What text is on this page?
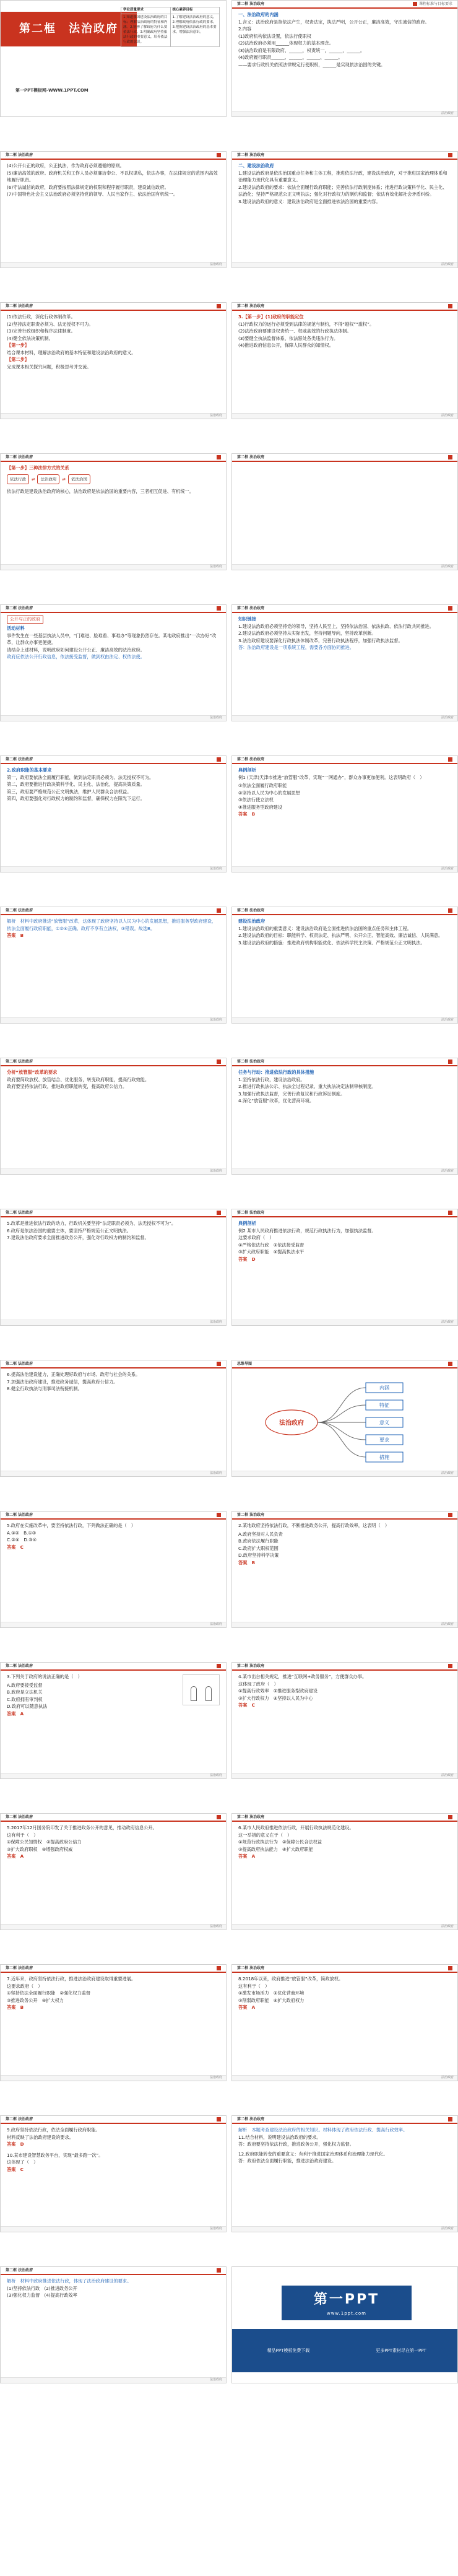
第二框　法治政府
第一PPT模板网-WWW.1PPT.COM
学业质量要求	核心素养目标
1.知道我国建设法治政府的目标；理解法治政府的特征和内涵。2.能够了解政府为什么要依法行政。3.明确政府坚持依法行政的重要意义，培养依法行政的意识。
1.了解建设法治政府的意义。2.理解政府依法行政的要求。3.把握建设法治政府的基本要求，增强法治意识。
第二框 法治政府	课程标准与目标要求

一、法治政府的内涵

1.含义：法治政府是指依法产生，权责法定，执法严明，公开公正，廉洁高效，守法诚信的政府。

2.内容

(1)政府机构依法设置，依法行使职权

(2)法治政府必须用______体现权力的基本理念。

(3)法治政府是有限政府、______，权责统一，______，______。

(4)政府履行职责______、______、______、______。

——要求行政机关依照法律规定行使职权，______是实现依法治国的关键。

法治政府
第二框 法治政府

(4)公开公正的政府，公正执法，作为政府必须遵循的原则。

(5)廉洁高效的政府。政府机关和工作人员必须廉洁奉公、不以权谋私，依法办事，在法律规定的范围内高效地履行职责。

(6)守法诚信的政府，政府要按照法律规定的权限和程序履行职责，建设诚信政府。

(7)中国特色社会主义法治政府必须坚持党的领导、人民当家作主、依法治国有机统一。

法治政府
第二框 法治政府

二、建设法治政府

1.建设法治政府是依法治国重点任务和主体工程，推进依法行政，建设法治政府，对于推进国家治理体系和治理能力现代化具有重要意义。

2.建设法治政府的要求：依法全面履行政府职能；完善依法行政制度体系；推进行政决策科学化、民主化、法治化；坚持严格规范公正文明执法；强化对行政权力的制约和监督；依法有效化解社会矛盾纠纷。

3.建设法治政府的意义：建设法治政府是全面推进依法治国的重要内容。

法治政府
第二框 法治政府

(1)依法行政，深化行政体制改革。

(2)坚持法定职责必须为、法无授权不可为。

(3)完善行政组织和程序法律制度。

(4)健全依法决策机制。

【第一步】

结合课本材料，理解法治政府的基本特征和建设法治政府的意义。

【第二步】

完成课本相关探究问题，积极思考并交流。

法治政府
第二框 法治政府

3.【第一步】(1)政府的职能定位

(1)行政权力的运行必须受到法律的规范与制约，不得“越权”“滥权”。

(2)法治政府要建设权责统一、权威高效的行政执法体制。

(3)要健全执法监督体系，依法惩处各类违法行为。

(4)推进政府信息公开，保障人民群众的知情权。

法治政府
第二框 法治政府

【第一步】三种法律方式的关系

依法行政	⇄	法治政府	⇄	依法治国

依法行政是建设法治政府的核心，法治政府是依法治国的重要内容，三者相互促进、有机统一。

法治政府
第二框 法治政府
法治政府
第二框 法治政府
公开与正的政府

活动材料

事件发生在一些基层执法人员中，“门难进、脸难看、事难办”等现象仍然存在。某地政府推出“一次办好”改革，让群众办事更便捷。

请结合上述材料，说明政府如何建设公开公正、廉洁高效的法治政府。

政府应依法公开行政信息，依法接受监督，做到权由法定、权依法使。

法治政府
第二框 法治政府

知识链接

1.建设法治政府必须坚持党的领导，坚持人民至上，坚持依法治国、依法执政、依法行政共同推进。

2.建设法治政府必须坚持从实际出发，坚持问题导向，坚持改革创新。

3.法治政府建设要深化行政执法体制改革，完善行政执法程序，加强行政执法监督。

答：法治政府建设是一项系统工程，需要各方面协同推进。

法治政府
第二框 法治政府

2.政府职能的基本要求

第一，政府要依法全面履行职能，做到法定职责必须为、法无授权不可为。

第二，政府要推进行政决策科学化、民主化、法治化，提高决策质量。

第三，政府要严格规范公正文明执法，维护人民群众合法权益。

第四，政府要强化对行政权力的制约和监督，确保权力在阳光下运行。

法治政府
第二框 法治政府

典例剖析

例1 (天津)天津市推进“放管服”改革，实现“一网通办”，群众办事更加便利。这表明政府（　）

①依法全面履行政府职能
②坚持以人民为中心的发展思想
③依法行使立法权
④推进服务型政府建设

答案　B

法治政府
第二框 法治政府

解析　材料中政府推进“放管服”改革，这体现了政府坚持以人民为中心的发展思想，推进服务型政府建设，依法全面履行政府职能，①②④正确。政府不享有立法权，③错误。故选B。

答案　B

法治政府
第二框 法治政府

建设法治政府

1.建设法治政府的重要意义：建设法治政府是全面推进依法治国的重点任务和主体工程。

2.建设法治政府的目标：职能科学、权责法定、执法严明、公开公正、智能高效、廉洁诚信、人民满意。

3.建设法治政府的措施：推进政府机构职能优化、依法科学民主决策、严格规范公正文明执法。

法治政府
第二框 法治政府

分析“放管服”改革的要求

政府要简政放权、放管结合、优化服务，转变政府职能，提高行政效能。

政府要坚持依法行政，推进政府职能转变，提高政府公信力。

法治政府
第二框 法治政府

任务与行动：推进依法行政的具体措施

1.坚持依法行政，建设法治政府。

2.推进行政执法公示、执法全过程记录、重大执法决定法制审核制度。

3.加强行政执法监督，完善行政复议和行政诉讼制度。

4.深化“放管服”改革，优化营商环境。

法治政府
第二框 法治政府

5.改革是推进依法行政的动力，行政机关要坚持“法定职责必须为、法无授权不可为”。

6.政府是依法治国的重要主体，要坚持严格规范公正文明执法。

7.建设法治政府要求全面推进政务公开，强化对行政权力的制约和监督。

法治政府
第二框 法治政府

典例剖析

例2 某市人民政府推进依法行政，规范行政执法行为，加强执法监督。

这要求政府（　）

①严格依法行政　②依法接受监督

③扩大政府职能　④提高执法水平

答案　D

法治政府
第二框 法治政府

6.提高法治建设能力，正确处理好政府与市场、政府与社会的关系。

7.加强法治政府建设，推进政务诚信，提高政府公信力。

8.健全行政执法与刑事司法衔接机制。

法治政府
思维导图
法治政府
内涵
特征
意义
要求
措施
法治政府
第二框 法治政府

5.政府在实施改革中，要坚持依法行政，下列做法正确的是（　）

A.①②　B.①③

C.②④　D.③④

答案　C

法治政府
第二框 法治政府

2.某地政府坚持依法行政，不断推进政务公开，提高行政效率，这表明（　）

A.政府坚持对人民负责
B.政府依法履行职能
C.政府扩大职权范围
D.政府坚持科学决策

答案　B

法治政府
第二框 法治政府

3.下列关于政府的说法正确的是（　）

A.政府要接受监督
B.政府是立法机关
C.政府拥有审判权
D.政府可以随意执法

答案　A

法治政府
第二框 法治政府

4.某市出台相关规定，推进“互联网+政务服务”，方便群众办事。

这体现了政府（　）

①提高行政效率　②推进服务型政府建设

③扩大行政权力　④坚持以人民为中心

答案　C

法治政府
第二框 法治政府

5.2017年12月国务院印发了关于推进政务公开的意见，推动政府信息公开。

这有利于（　）

①保障公民知情权　②提高政府公信力

③扩大政府职权　④增强政府权威

答案　A

法治政府
第二框 法治政府

6.某市人民政府推进依法行政，开展行政执法规范化建设。

这一举措的意义在于（　）

①规范行政执法行为　②保障公民合法权益

③提高政府执法能力　④扩大政府职能

答案　A

法治政府
第二框 法治政府

7.近年来，政府坚持依法行政，推进法治政府建设取得重要进展。

这要求政府（　）

①坚持依法全面履行职能　②强化权力监督

③推进政务公开　④扩大权力

答案　B

法治政府
第二框 法治政府

8.2018年以来，政府推进“放管服”改革，简政放权。

这有利于（　）

①激发市场活力　②优化营商环境

③削弱政府职能　④扩大政府权力

答案　A

法治政府
第二框 法治政府

9.政府坚持依法行政，依法全面履行政府职能。

材料反映了法治政府建设的要求。

答案　D

10.某市建设智慧政务平台，实现“最多跑一次”。

这体现了（　）

答案　C

法治政府
第二框 法治政府

解析　本题考查建设法治政府的相关知识。材料体现了政府依法行政、提高行政效率。

11.结合材料，说明建设法治政府的要求。

答：政府要坚持依法行政，推进政务公开，强化权力监督。

12.政府职能转变的重要意义：有利于推进国家治理体系和治理能力现代化。

答：政府依法全面履行职能，推进法治政府建设。

法治政府
第二框 法治政府

解析　材料中政府推进依法行政，体现了法治政府建设的要求。

(1)坚持依法行政　(2)推进政务公开

(3)强化权力监督　(4)提高行政效率

法治政府
第一PPT
www.1ppt.com
精品PPT模板免费下载	更多PPT素材尽在第一PPT
